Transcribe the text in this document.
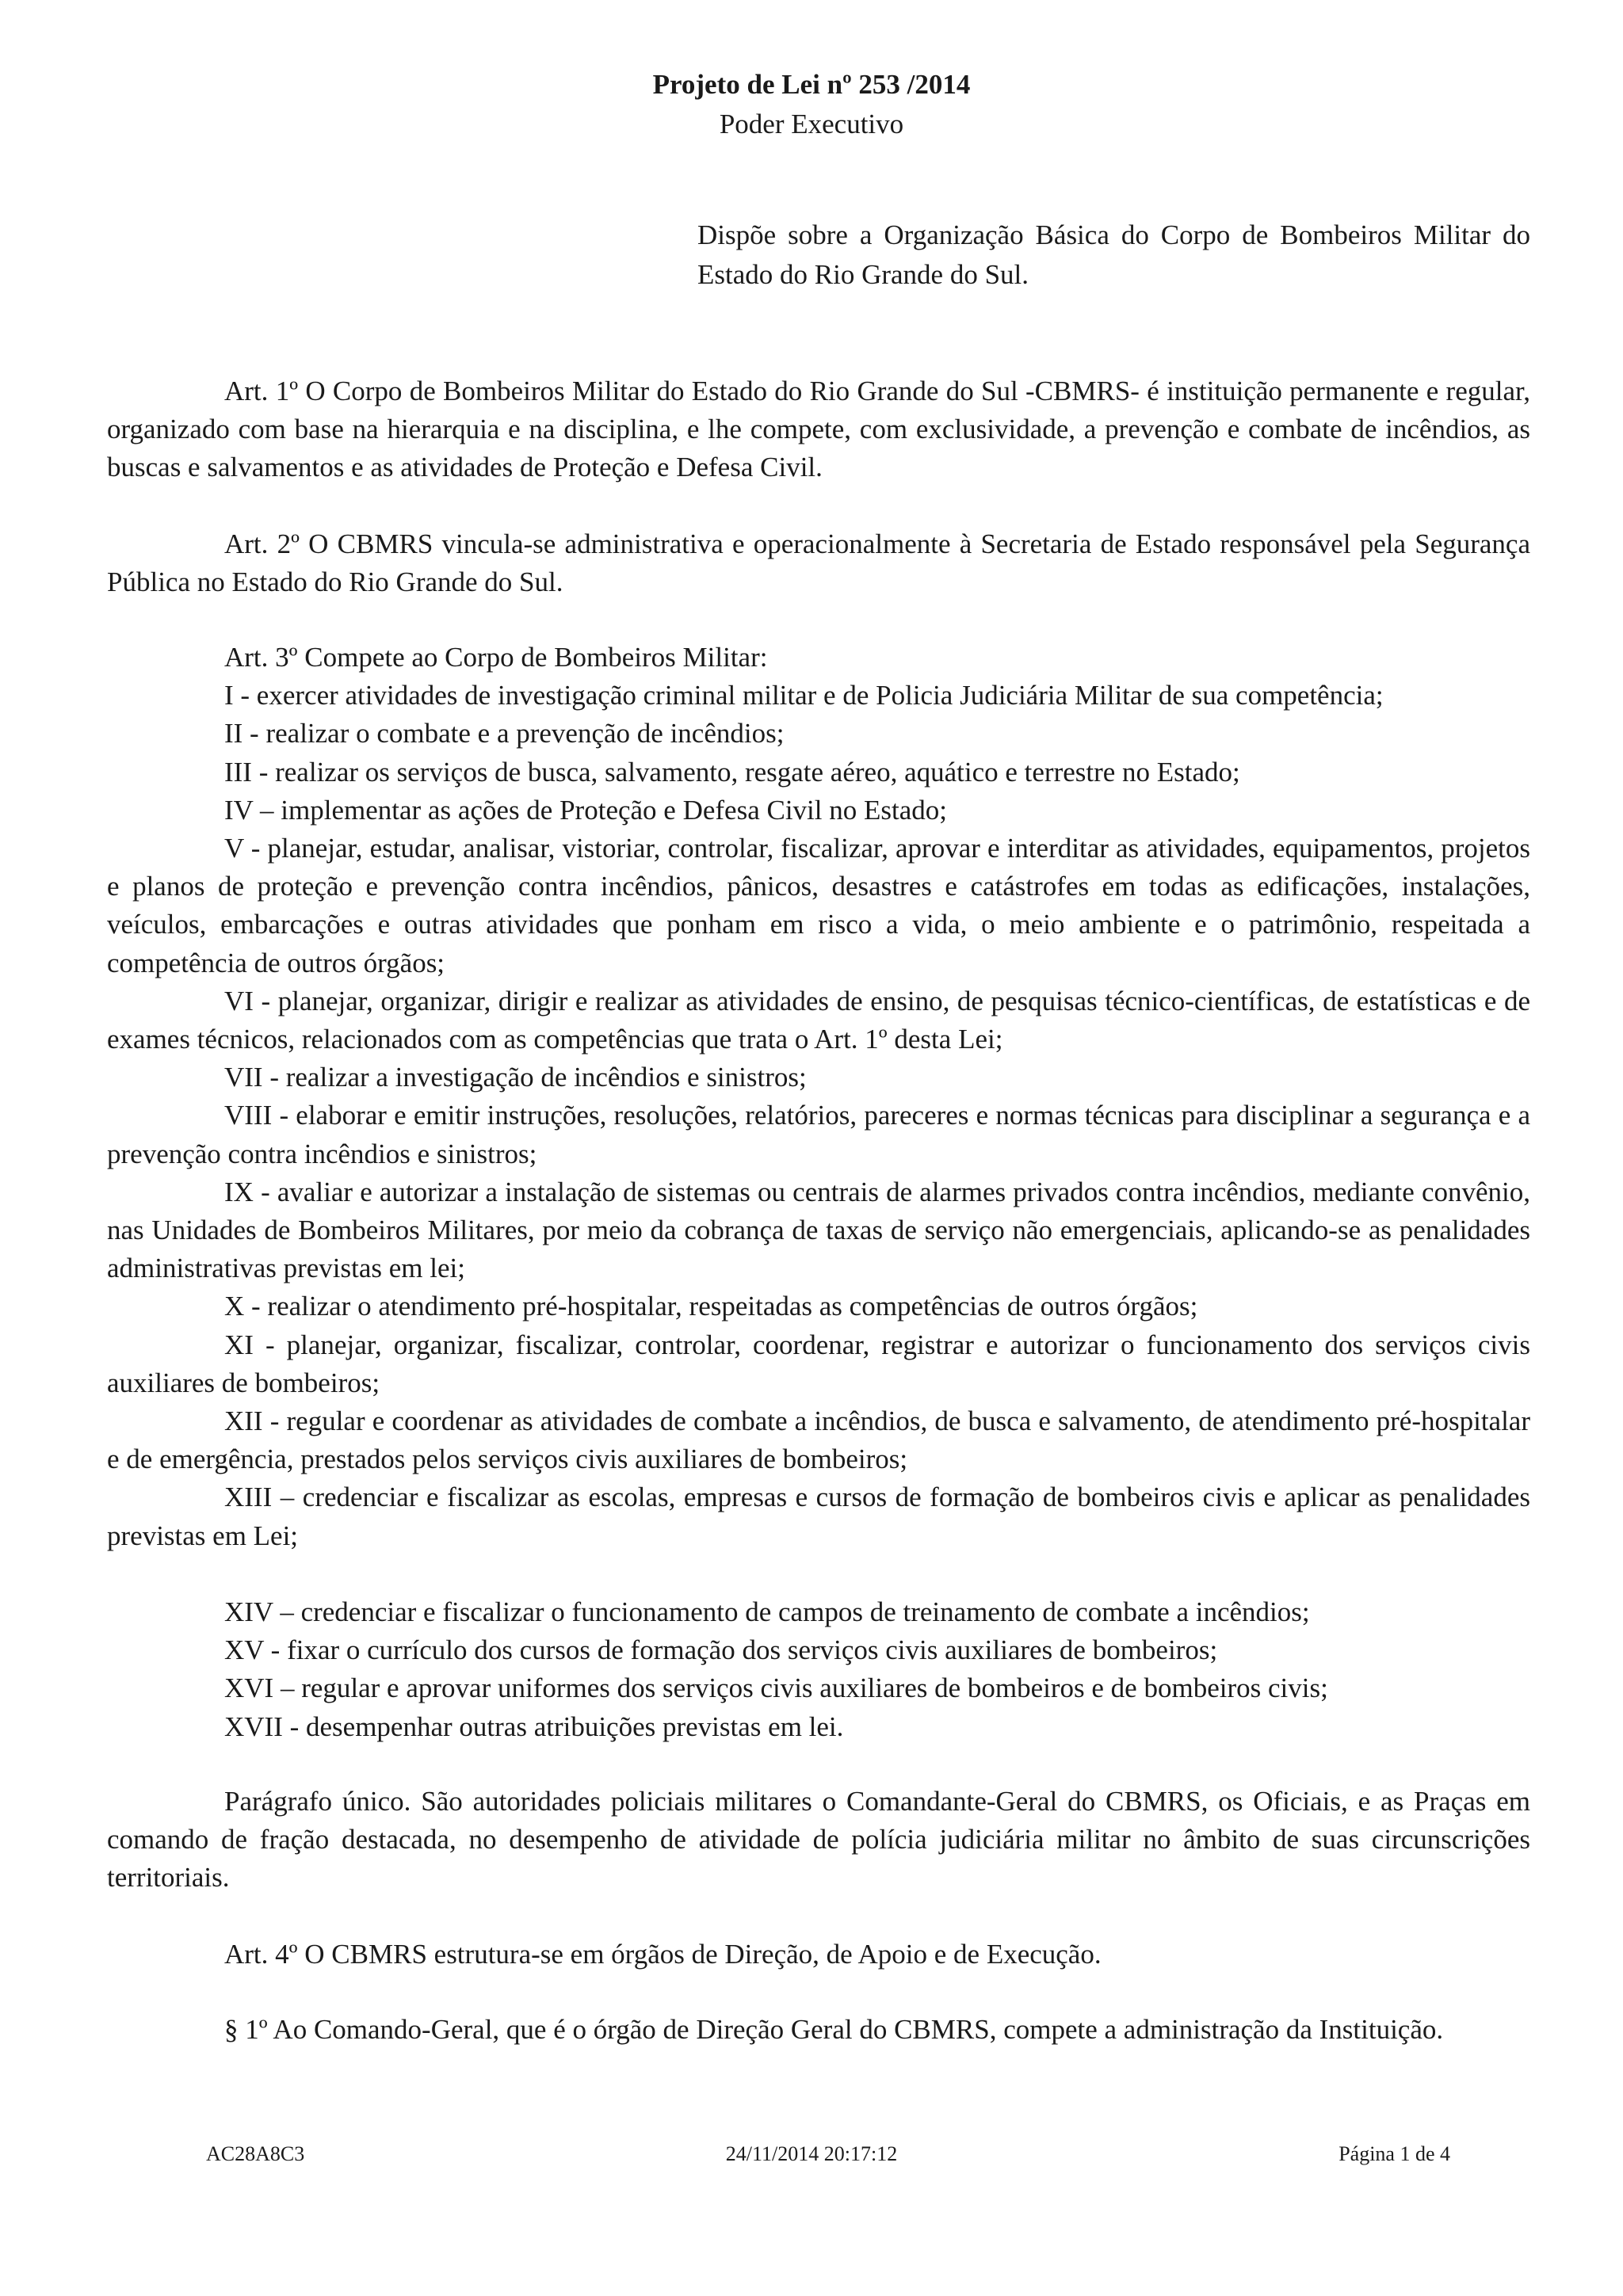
Projeto de Lei nº 253 /2014
Poder Executivo
Dispõe sobre a Organização Básica do Corpo de Bombeiros Militar do Estado do Rio Grande do Sul.

Art. 1º O Corpo de Bombeiros Militar do Estado do Rio Grande do Sul -CBMRS- é instituição permanente e regular, organizado com base na hierarquia e na disciplina, e lhe compete, com exclusividade, a prevenção e combate de incêndios, as buscas e salvamentos e as atividades de Proteção e Defesa Civil.

Art. 2º O CBMRS vincula-se administrativa e operacionalmente à Secretaria de Estado responsável pela Segurança Pública no Estado do Rio Grande do Sul.

Art. 3º Compete ao Corpo de Bombeiros Militar:

I - exercer atividades de investigação criminal militar e de Policia Judiciária Militar de sua competência;

II - realizar o combate e a prevenção de incêndios;

III - realizar os serviços de busca, salvamento, resgate aéreo, aquático e terrestre no Estado;

IV – implementar as ações de Proteção e Defesa Civil no Estado;

V - planejar, estudar, analisar, vistoriar, controlar, fiscalizar, aprovar e interditar as atividades, equipamentos, projetos e planos de proteção e prevenção contra incêndios, pânicos, desastres e catástrofes em todas as edificações, instalações, veículos, embarcações e outras atividades que ponham em risco a vida, o meio ambiente e o patrimônio, respeitada a competência de outros órgãos;

VI - planejar, organizar, dirigir e realizar as atividades de ensino, de pesquisas técnico-científicas, de estatísticas e de exames técnicos, relacionados com as competências que trata o Art. 1º desta Lei;

VII - realizar a investigação de incêndios e sinistros;

VIII - elaborar e emitir instruções, resoluções, relatórios, pareceres e normas técnicas para disciplinar a segurança e a prevenção contra incêndios e sinistros;

IX - avaliar e autorizar a instalação de sistemas ou centrais de alarmes privados contra incêndios, mediante convênio, nas Unidades de Bombeiros Militares, por meio da cobrança de taxas de serviço não emergenciais, aplicando-se as penalidades administrativas previstas em lei;

X - realizar o atendimento pré-hospitalar, respeitadas as competências de outros órgãos;

XI - planejar, organizar, fiscalizar, controlar, coordenar, registrar e autorizar o funcionamento dos serviços civis auxiliares de bombeiros;

XII - regular e coordenar as atividades de combate a incêndios, de busca e salvamento, de atendimento pré-hospitalar e de emergência, prestados pelos serviços civis auxiliares de bombeiros;

XIII – credenciar e fiscalizar as escolas, empresas e cursos de formação de bombeiros civis e aplicar as penalidades previstas em Lei;

XIV – credenciar e fiscalizar o funcionamento de campos de treinamento de combate a incêndios;

XV - fixar o currículo dos cursos de formação dos serviços civis auxiliares de bombeiros;

XVI – regular e aprovar uniformes dos serviços civis auxiliares de bombeiros e de bombeiros civis;

XVII - desempenhar outras atribuições previstas em lei.

Parágrafo único. São autoridades policiais militares o Comandante-Geral do CBMRS, os Oficiais, e as Praças em comando de fração destacada, no desempenho de atividade de polícia judiciária militar no âmbito de suas circunscrições territoriais.

Art. 4º O CBMRS estrutura-se em órgãos de Direção, de Apoio e de Execução.

§ 1º Ao Comando-Geral, que é o órgão de Direção Geral do CBMRS, compete a administração da Instituição.

AC28A8C3	24/11/2014 20:17:12	Página 1 de 4
